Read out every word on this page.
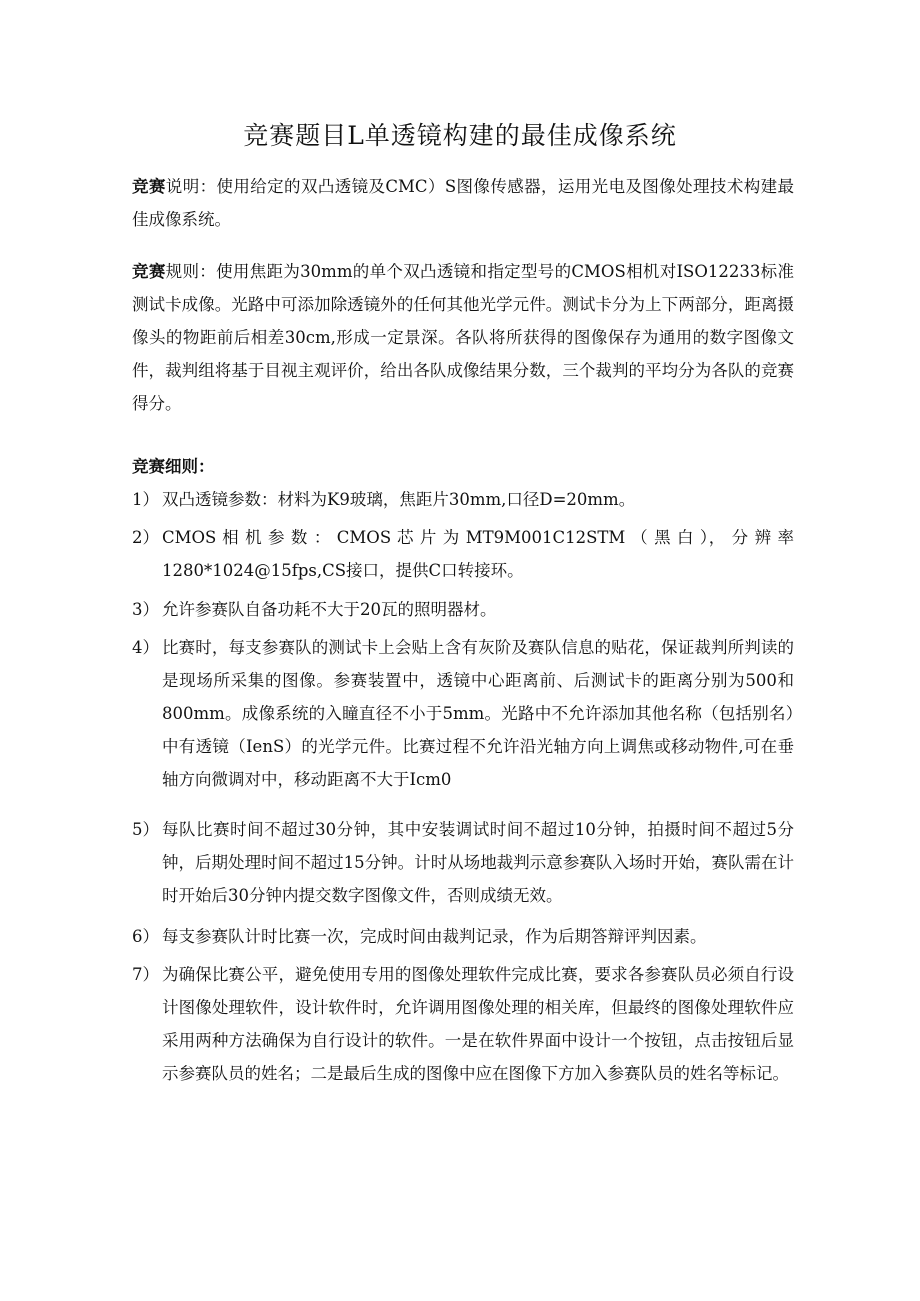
竞赛题目L单透镜构建的最佳成像系统
竞赛说明：使用给定的双凸透镜及CMC）S图像传感器，运用光电及图像处理技术构建最佳成像系统。
竞赛规则：使用焦距为30mm的单个双凸透镜和指定型号的CMOS相机对ISO12233标准测试卡成像。光路中可添加除透镜外的任何其他光学元件。测试卡分为上下两部分，距离摄像头的物距前后相差30cm,形成一定景深。各队将所获得的图像保存为通用的数字图像文件，裁判组将基于目视主观评价，给出各队成像结果分数，三个裁判的平均分为各队的竞赛得分。
竞赛细则：
1） 双凸透镜参数：材料为K9玻璃，焦距片30mm,口径D=20mm。
2） CMOS 相 机 参 数 ： CMOS 芯 片 为 MT9M001C12STM （ 黑 白 ）， 分 辨 率 1280*1024@15fps,CS接口，提供C口转接环。
3） 允许参赛队自备功耗不大于20瓦的照明器材。
4） 比赛时，每支参赛队的测试卡上会贴上含有灰阶及赛队信息的贴花，保证裁判所判读的是现场所采集的图像。参赛装置中，透镜中心距离前、后测试卡的距离分别为500和800mm。成像系统的入瞳直径不小于5mm。光路中不允许添加其他名称（包括别名）中有透镜（IenS）的光学元件。比赛过程不允许沿光轴方向上调焦或移动物件,可在垂轴方向微调对中，移动距离不大于Icm0
5） 每队比赛时间不超过30分钟，其中安装调试时间不超过10分钟，拍摄时间不超过5分钟，后期处理时间不超过15分钟。计时从场地裁判示意参赛队入场时开始，赛队需在计时开始后30分钟内提交数字图像文件，否则成绩无效。
6） 每支参赛队计时比赛一次，完成时间由裁判记录，作为后期答辩评判因素。
7） 为确保比赛公平，避免使用专用的图像处理软件完成比赛，要求各参赛队员必须自行设计图像处理软件，设计软件时，允许调用图像处理的相关库，但最终的图像处理软件应采用两种方法确保为自行设计的软件。一是在软件界面中设计一个按钮，点击按钮后显示参赛队员的姓名；二是最后生成的图像中应在图像下方加入参赛队员的姓名等标记。
